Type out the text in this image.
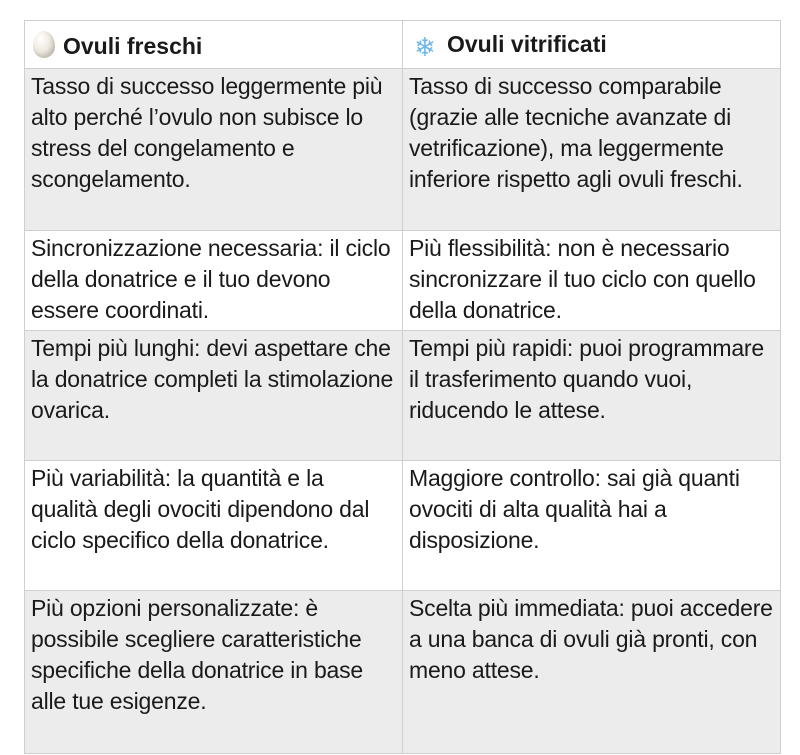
Ovuli freschi	❄ Ovuli vitrificati
Tasso di successo leggermente più alto perché l’ovulo non subisce lo stress del congelamento e scongelamento.	Tasso di successo comparabile (grazie alle tecniche avanzate di vetrificazione), ma leggermente inferiore rispetto agli ovuli freschi.
Sincronizzazione necessaria: il ciclo della donatrice e il tuo devono essere coordinati.	Più flessibilità: non è necessario sincronizzare il tuo ciclo con quello della donatrice.
Tempi più lunghi: devi aspettare che la donatrice completi la stimolazione ovarica.	Tempi più rapidi: puoi programmare il trasferimento quando vuoi, riducendo le attese.
Più variabilità: la quantità e la qualità degli ovociti dipendono dal ciclo specifico della donatrice.	Maggiore controllo: sai già quanti ovociti di alta qualità hai a disposizione.
Più opzioni personalizzate: è possibile scegliere caratteristiche specifiche della donatrice in base alle tue esigenze.	Scelta più immediata: puoi accedere a una banca di ovuli già pronti, con meno attese.
